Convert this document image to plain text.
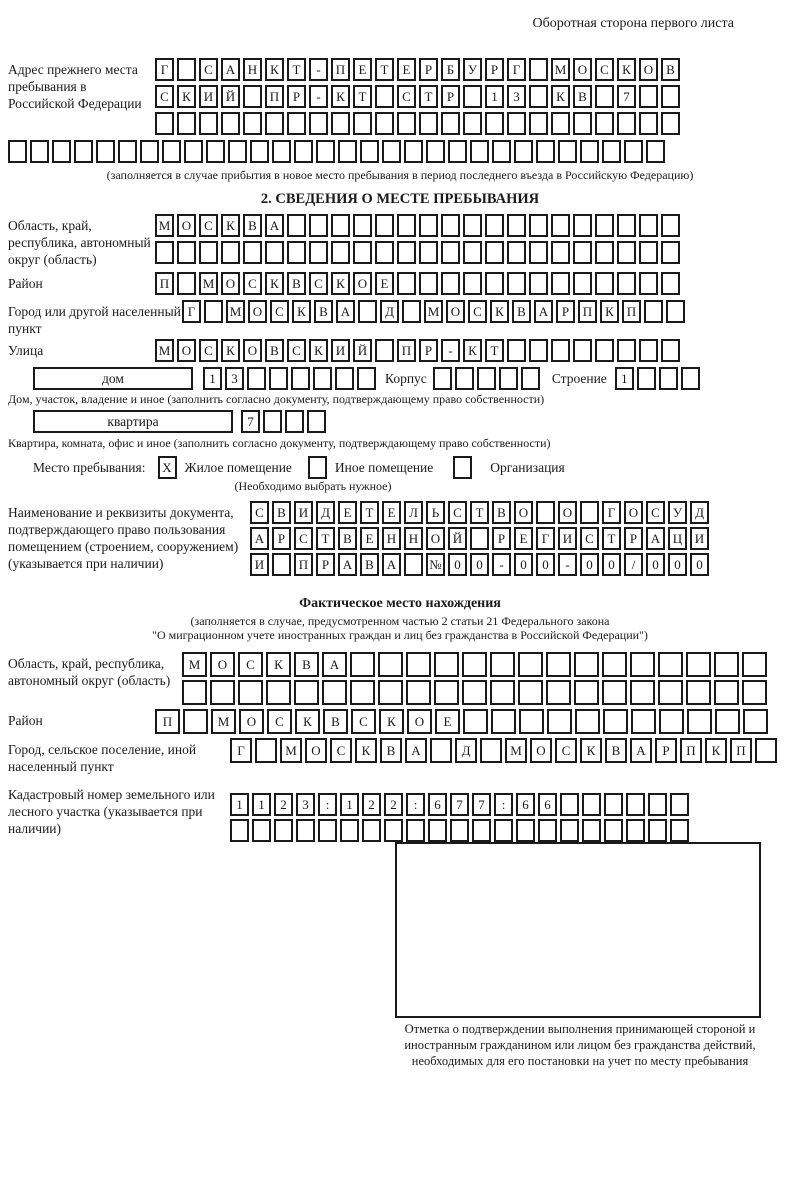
Оборотная сторона первого листа
Адрес прежнего места пребывания в Российской Федерации
Г	С А Н К	Т	-	П	Е	Т	Е	Р	Б	У	Р	Г	М О С	К О В
С	К И Й	П	Р	-	К	Т	С	Т	Р	1	3	К	В	7
(заполняется в случае прибытия в новое место пребывания в период последнего въезда в Российскую Федерацию)
2. СВЕДЕНИЯ О МЕСТЕ ПРЕБЫВАНИЯ
Область, край, республика, автономный округ (область)
М О С	К	В А
Район	П	М О С	К	В	С	К О	Е
Город или другой населенный пункт
Г	М О С	К	В А	Д	М О С	К	В А	Р	П К П
Улица	М О С	К О В	С	К И Й	П	Р	-	К	Т
дом	1	3	Корпус	Строение	1
Дом, участок, владение и иное (заполнить согласно документу, подтверждающему право собственности)
квартира	7
Квартира, комната, офис и иное (заполнить согласно документу, подтверждающему право собственности)
Место пребывания:	X Жилое помещение	Иное помещение	Организация
(Необходимо выбрать нужное)
Наименование и реквизиты документа, подтверждающего право пользования помещением (строением, сооружением) (указывается при наличии)
С	В И Д	Е	Т	Е	Л	Ь	С	Т	В О	О	Г	О С	У Д
А	Р	С	Т	В	Е	Н Н О Й	Р	Е	Г	И С	Т	Р	А Ц И
И	П	Р	А В А	№ 0	0	-	0	0	-	0	0	/	0	0	0
Фактическое место нахождения
(заполняется в случае, предусмотренном частью 2 статьи 21 Федерального закона
"О миграционном учете иностранных граждан и лиц без гражданства в Российской Федерации")
Область, край, республика, автономный округ (область)
М	О	С	К	В	А
Район	П	М	О	С	К	В	С	К	О	Е
Город, сельское поселение, иной населенный пункт
Г	М	О	С	К	В	А	Д	М	О	С	К	В	А	Р	П	К	П
Кадастровый номер земельного или лесного участка (указывается при наличии)
1	1	2	3	:	1	2	2	:	6	7	7	:	6	6
Отметка о подтверждении выполнения принимающей стороной и иностранным гражданином или лицом без гражданства действий, необходимых для его постановки на учет по месту пребывания
